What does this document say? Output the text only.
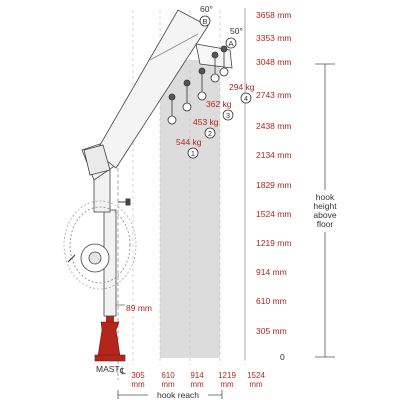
3658 mm
3353 mm
3048 mm
2743 mm
2438 mm
2134 mm
1829 mm
1524 mm
1219 mm
914 mm
610 mm
305 mm
0
hook
height
above
floor
305
mm
610
mm
914
mm
1219
mm
1524
mm
hook reach
MAST ℄
89 mm
60°
B
50°
A
294 kg
4
362 kg
3
453 kg
2
544 kg
1
